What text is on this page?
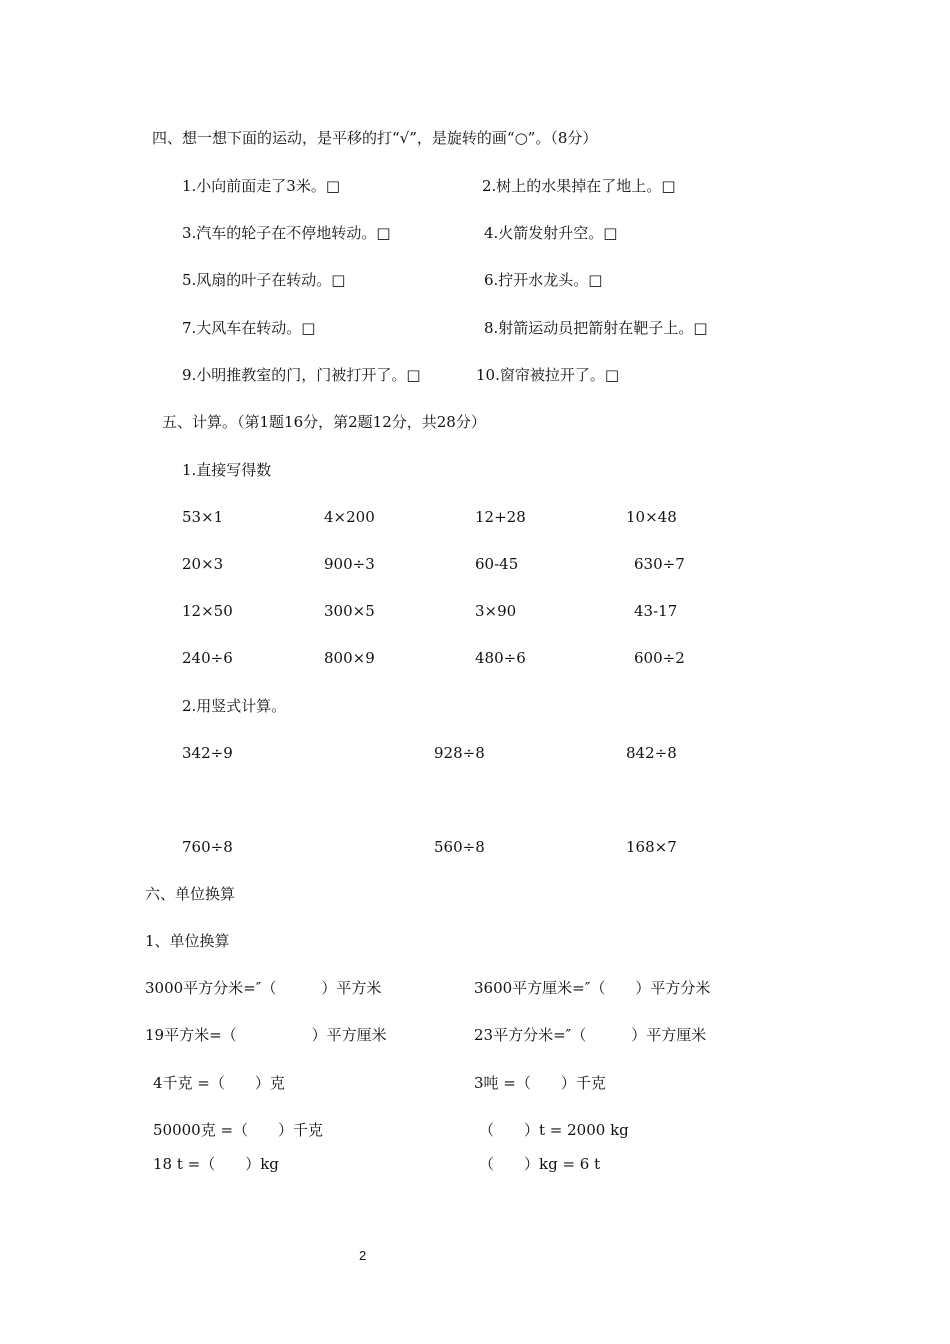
四、想一想下面的运动，是平移的打“√”，是旋转的画“○”。（8分）
1.小向前面走了3米。□	2.树上的水果掉在了地上。□
3.汽车的轮子在不停地转动。□	4.火箭发射升空。□
5.风扇的叶子在转动。□	6.拧开水龙头。□
7.大风车在转动。□	8.射箭运动员把箭射在靶子上。□
9.小明推教室的门，门被打开了。□	10.窗帘被拉开了。□
五、计算。（第1题16分，第2题12分，共28分）
1.直接写得数
53×1	4×200	12+28	10×48
20×3	900÷3	60-45	630÷7
12×50	300×5	3×90	43-17
240÷6	800×9	480÷6	600÷2
2.用竖式计算。
342÷9	928÷8	842÷8
760÷8	560÷8	168×7
六、单位换算
1、单位换算
3000平方分米=″（　　　）平方米	3600平方厘米=″（　　）平方分米
19平方米=（　　　　　）平方厘米	23平方分米=″（　　　）平方厘米
4千克 =（　　）克	3吨 =（　　）千克
50000克 =（　　）千克	（　　）t = 2000 kg
18 t =（　　）kg	（　　）kg = 6 t
2
